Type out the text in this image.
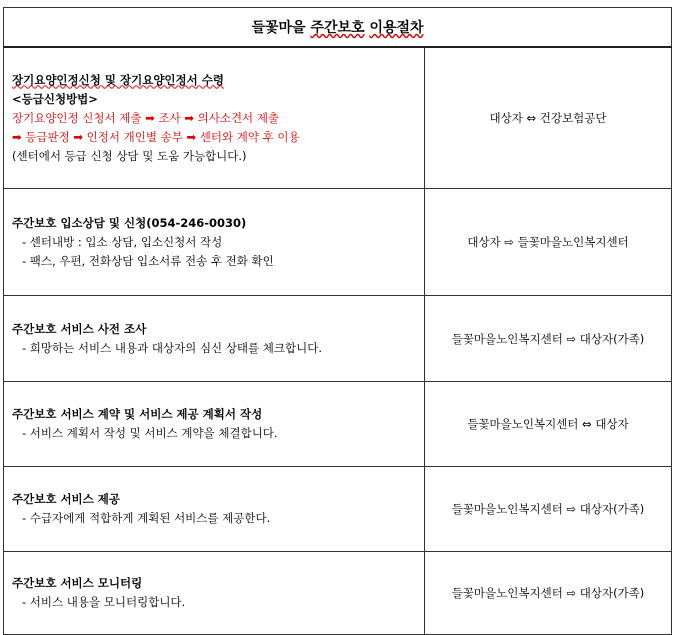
들꽃마을 주간보호 이용절차	

장기요양인정신청 및 장기요양인정서 수령
<등급신청방법>
장기요양인정 신청서 제출 ➡ 조사 ➡ 의사소견서 제출
➡ 등급판정 ➡ 인정서 개인별 송부 ➡ 센터와 계약 후 이용
(센터에서 등급 신청 상담 및 도움 가능합니다.)	대상자 ⇔ 건강보험공단

주간보호 입소상담 및 신청(054-246-0030)
- 센터내방 : 입소 상담, 입소신청서 작성
- 팩스, 우편, 전화상담 입소서류 전송 후 전화 확인	대상자 ⇨ 들꽃마을노인복지센터

주간보호 서비스 사전 조사
- 희망하는 서비스 내용과 대상자의 심신 상태를 체크합니다.	들꽃마을노인복지센터 ⇨ 대상자(가족)

주간보호 서비스 계약 및 서비스 제공 계획서 작성
- 서비스 계획서 작성 및 서비스 계약을 체결합니다.	들꽃마을노인복지센터 ⇔ 대상자

주간보호 서비스 제공
- 수급자에게 적합하게 계획된 서비스를 제공한다.	들꽃마을노인복지센터 ⇨ 대상자(가족)

주간보호 서비스 모니터링
- 서비스 내용을 모니터링합니다.	들꽃마을노인복지센터 ⇨ 대상자(가족)
